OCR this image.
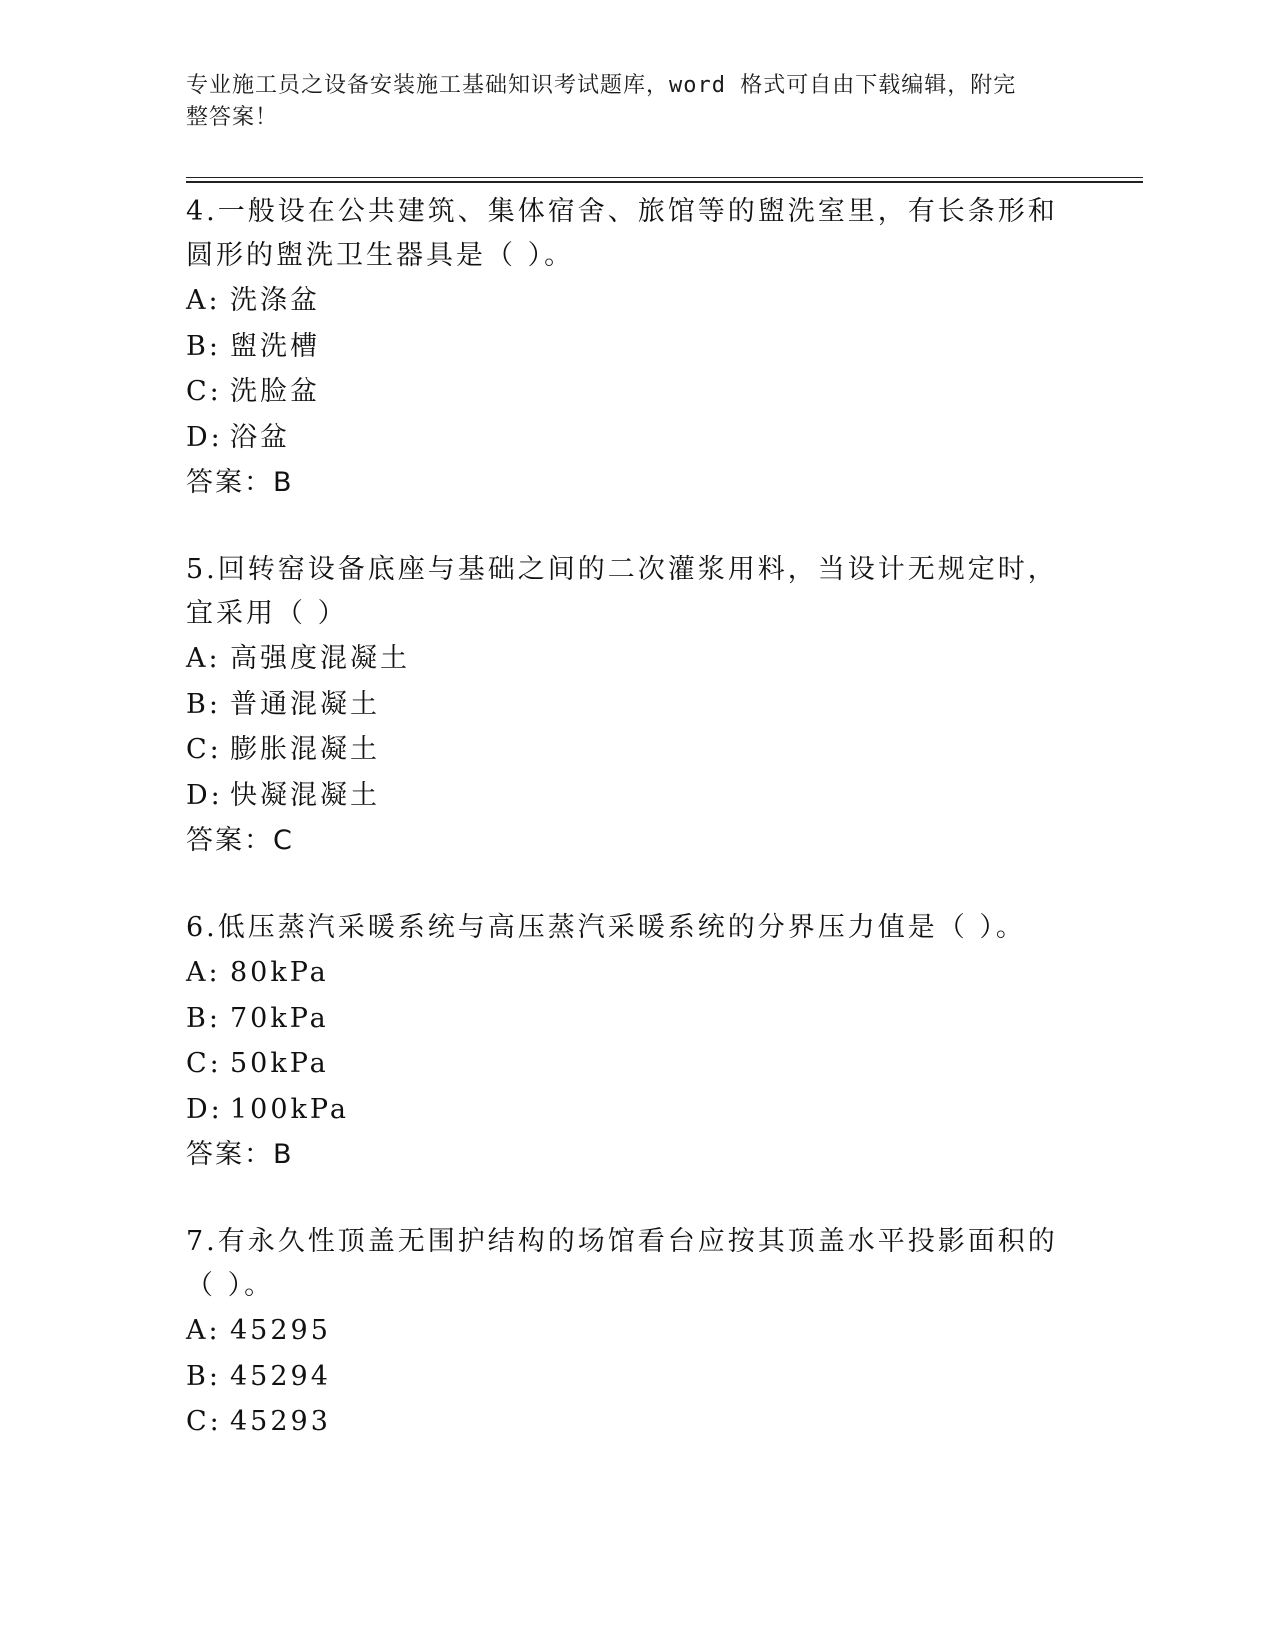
专业施工员之设备安装施工基础知识考试题库，word 格式可自由下载编辑，附完
整答案！
4.一般设在公共建筑、集体宿舍、旅馆等的盥洗室里，有长条形和圆形的盥洗卫生器具是（ ）。
A: 洗涤盆
B: 盥洗槽
C: 洗脸盆
D: 浴盆
答案：B
5.回转窑设备底座与基础之间的二次灌浆用料，当设计无规定时，宜采用（ ）
A: 高强度混凝土
B: 普通混凝土
C: 膨胀混凝土
D: 快凝混凝土
答案：C
6.低压蒸汽采暖系统与高压蒸汽采暖系统的分界压力值是（ ）。
A: 80kPa
B: 70kPa
C: 50kPa
D: 100kPa
答案：B
7.有永久性顶盖无围护结构的场馆看台应按其顶盖水平投影面积的（ ）。
A: 45295
B: 45294
C: 45293
